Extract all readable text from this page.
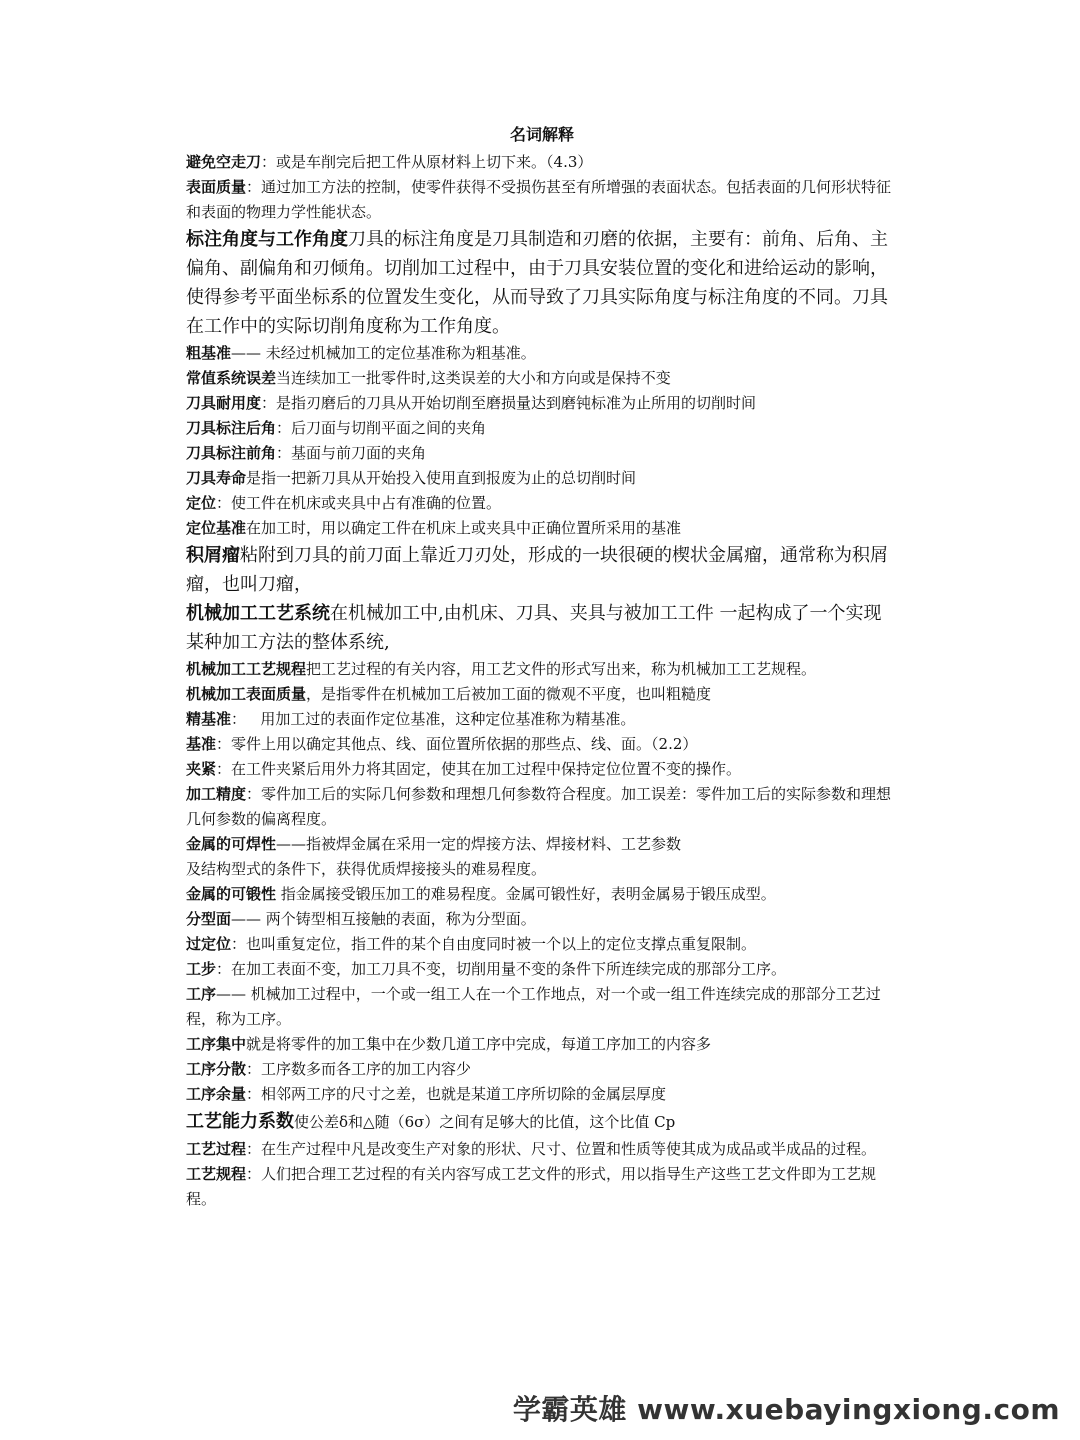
名词解释

避免空走刀：或是车削完后把工件从原材料上切下来。（4.3）

表面质量：通过加工方法的控制，使零件获得不受损伤甚至有所增强的表面状态。包括表面的几何形状特征和表面的物理力学性能状态。

标注角度与工作角度刀具的标注角度是刀具制造和刃磨的依据，主要有：前角、后角、主偏角、副偏角和刃倾角。切削加工过程中，由于刀具安装位置的变化和进给运动的影响，使得参考平面坐标系的位置发生变化，从而导致了刀具实际角度与标注角度的不同。刀具在工作中的实际切削角度称为工作角度。

粗基准—— 未经过机械加工的定位基准称为粗基准。

常值系统误差当连续加工一批零件时,这类误差的大小和方向或是保持不变

刀具耐用度：是指刃磨后的刀具从开始切削至磨损量达到磨钝标准为止所用的切削时间

刀具标注后角：后刀面与切削平面之间的夹角

刀具标注前角：基面与前刀面的夹角

刀具寿命是指一把新刀具从开始投入使用直到报废为止的总切削时间

定位：使工件在机床或夹具中占有准确的位置。

定位基准在加工时，用以确定工件在机床上或夹具中正确位置所采用的基准

积屑瘤粘附到刀具的前刀面上靠近刀刃处，形成的一块很硬的楔状金属瘤，通常称为积屑瘤，也叫刀瘤，

机械加工工艺系统在机械加工中,由机床、刀具、夹具与被加工工件 一起构成了一个实现某种加工方法的整体系统,

机械加工工艺规程把工艺过程的有关内容，用工艺文件的形式写出来，称为机械加工工艺规程。

机械加工表面质量，是指零件在机械加工后被加工面的微观不平度，也叫粗糙度

精基准：   用加工过的表面作定位基准，这种定位基准称为精基准。

基准：零件上用以确定其他点、线、面位置所依据的那些点、线、面。（2.2）

夹紧：在工件夹紧后用外力将其固定，使其在加工过程中保持定位位置不变的操作。

加工精度：零件加工后的实际几何参数和理想几何参数符合程度。加工误差：零件加工后的实际参数和理想几何参数的偏离程度。

金属的可焊性——指被焊金属在采用一定的焊接方法、焊接材料、工艺参数
及结构型式的条件下，获得优质焊接接头的难易程度。

金属的可锻性 指金属接受锻压加工的难易程度。金属可锻性好，表明金属易于锻压成型。

分型面—— 两个铸型相互接触的表面，称为分型面。

过定位：也叫重复定位，指工件的某个自由度同时被一个以上的定位支撑点重复限制。

工步：在加工表面不变，加工刀具不变，切削用量不变的条件下所连续完成的那部分工序。

工序—— 机械加工过程中，一个或一组工人在一个工作地点，对一个或一组工件连续完成的那部分工艺过程，称为工序。

工序集中就是将零件的加工集中在少数几道工序中完成，每道工序加工的内容多

工序分散：工序数多而各工序的加工内容少

工序余量：相邻两工序的尺寸之差，也就是某道工序所切除的金属层厚度

工艺能力系数使公差δ和△随（6σ）之间有足够大的比值，这个比值 Cp

工艺过程：在生产过程中凡是改变生产对象的形状、尺寸、位置和性质等使其成为成品或半成品的过程。

工艺规程：人们把合理工艺过程的有关内容写成工艺文件的形式，用以指导生产这些工艺文件即为工艺规程。

学霸英雄 www.xuebayingxiong.com
